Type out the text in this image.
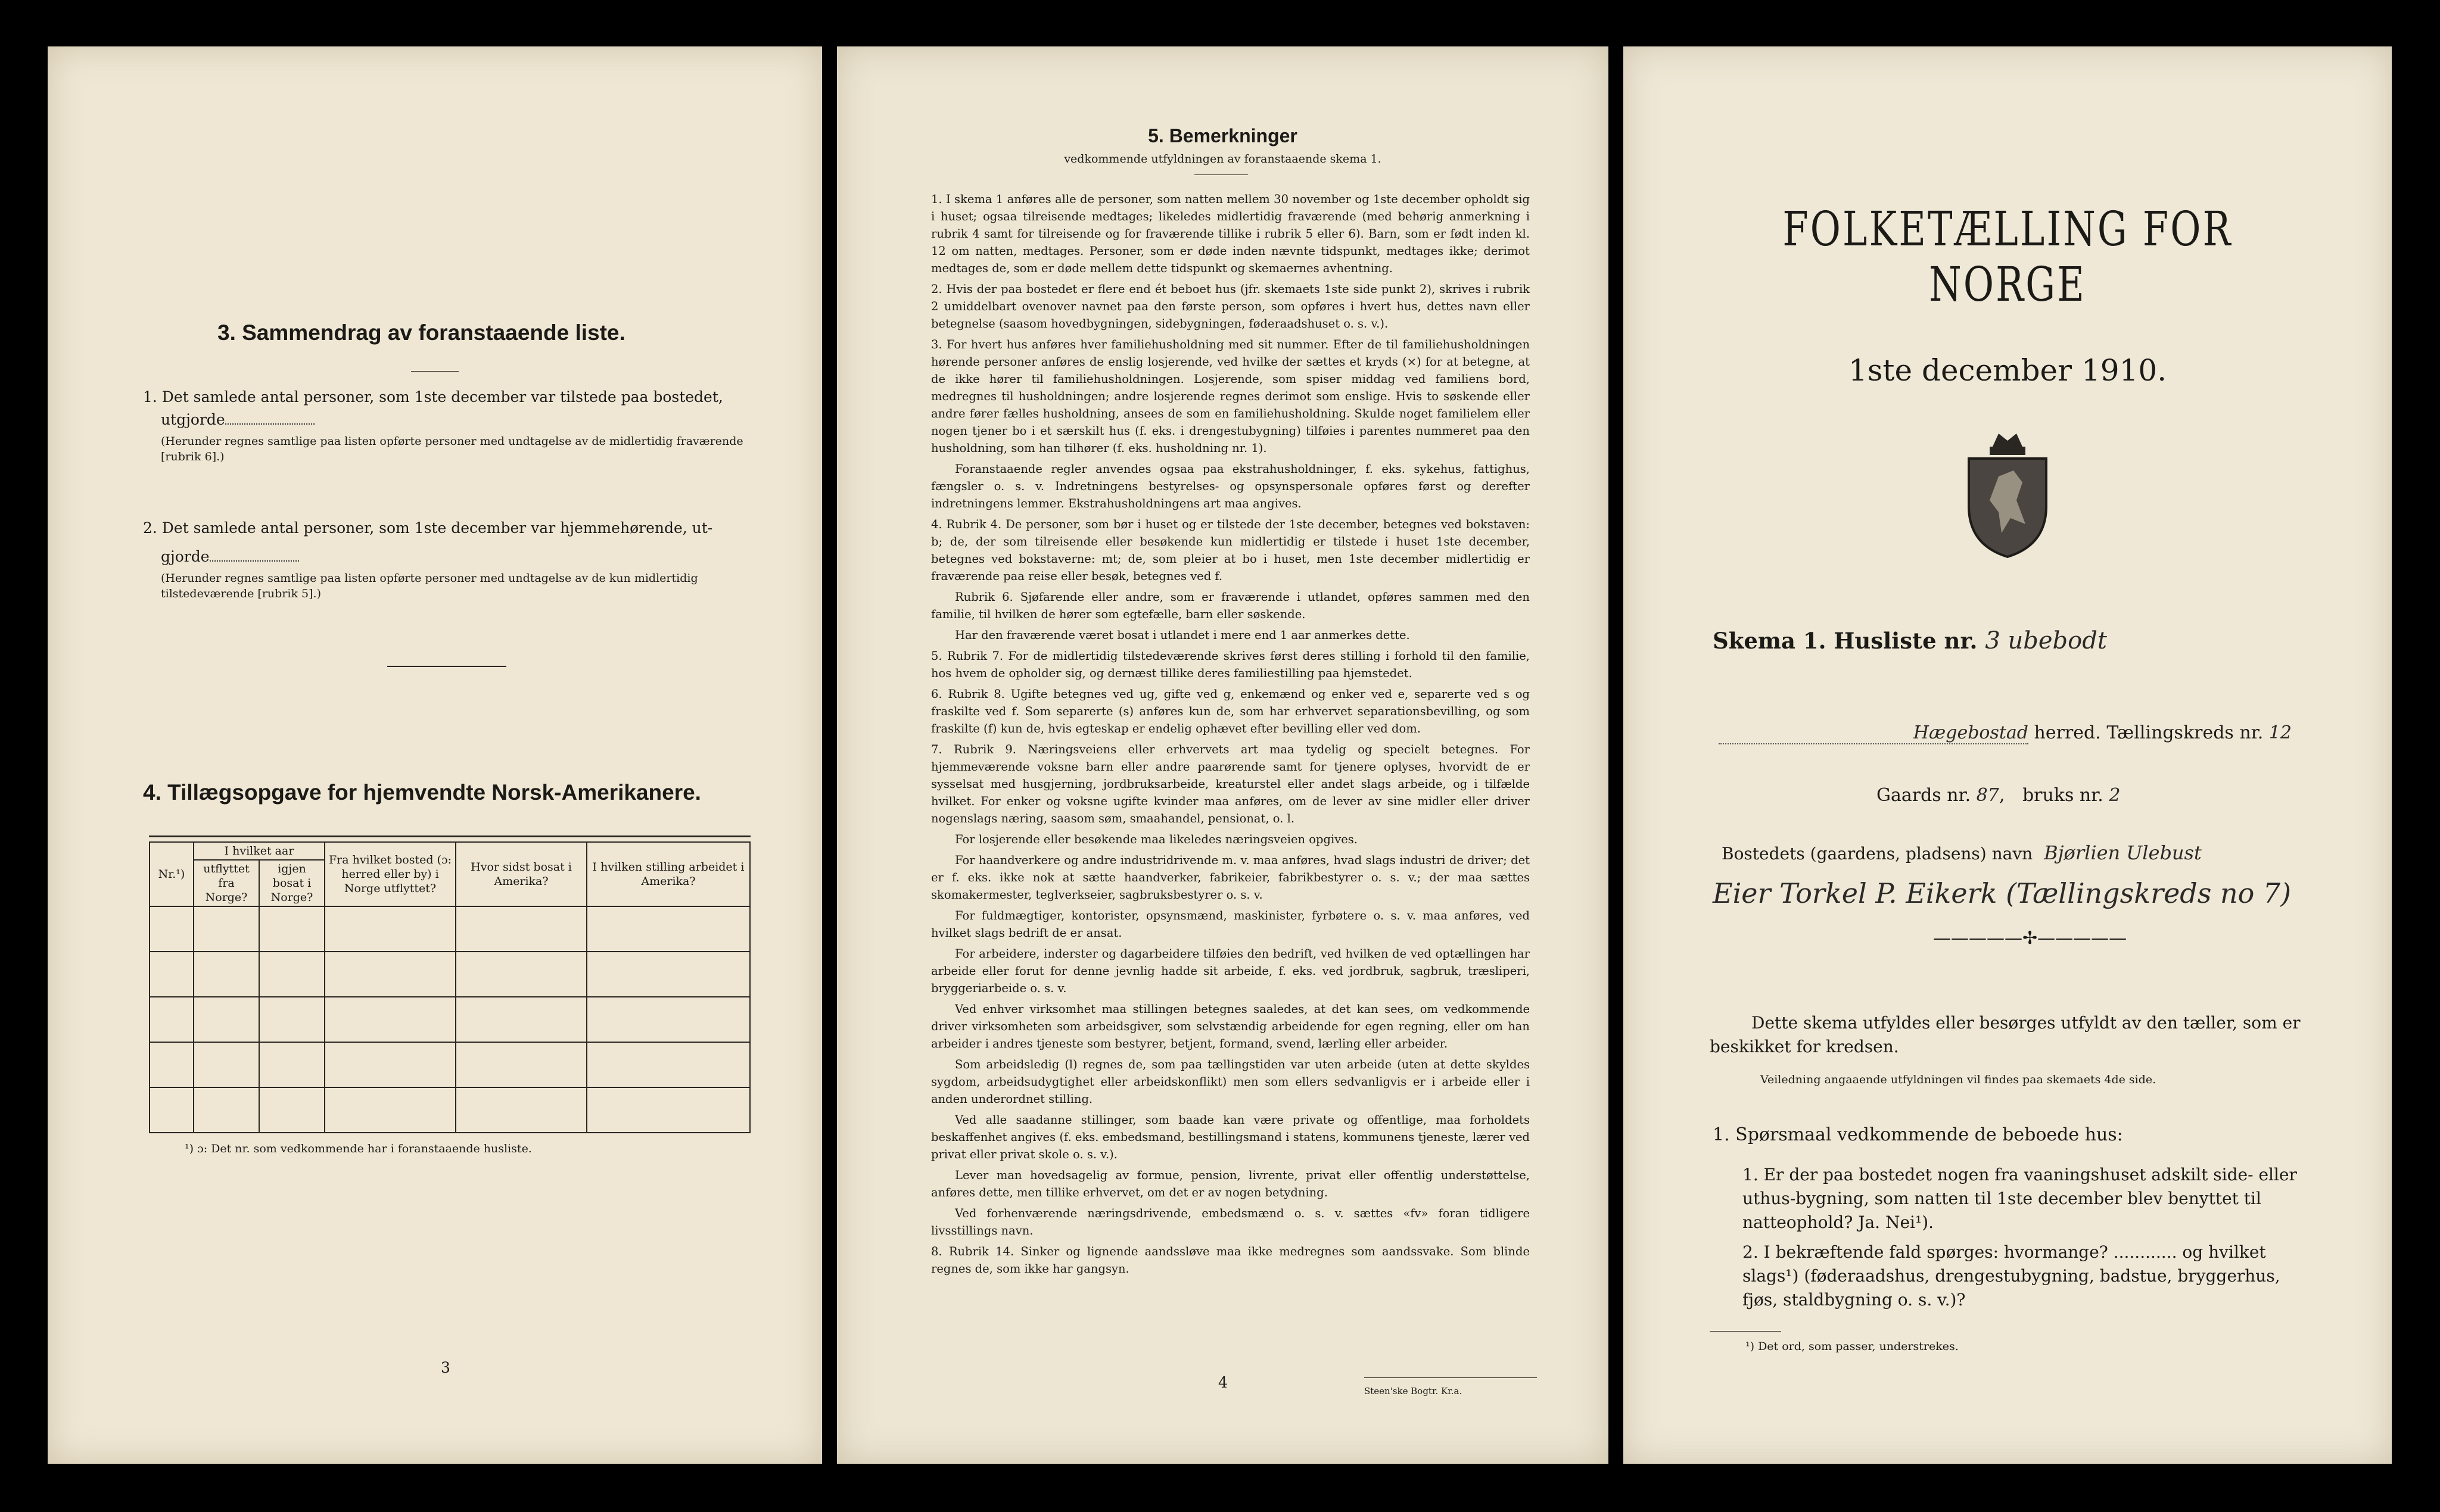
3. Sammendrag av foranstaaende liste.
1. Det samlede antal personer, som 1ste december var tilstede paa bostedet,
utgjorde
(Herunder regnes samtlige paa listen opførte personer med undtagelse av de midlertidig fraværende [rubrik 6].)
2. Det samlede antal personer, som 1ste december var hjemmehørende, ut-
gjorde
(Herunder regnes samtlige paa listen opførte personer med undtagelse av de kun midlertidig tilstedeværende [rubrik 5].)
4. Tillægsopgave for hjemvendte Norsk-Amerikanere.
Nr.¹)	I hvilket aar		Fra hvilket bosted (ɔ: herred eller by) i Norge utflyttet?	Hvor sidst bosat i Amerika?	I hvilken stilling arbeidet i Amerika?
	utflyttet fra Norge?	igjen bosat i Norge?			

¹) ɔ: Det nr. som vedkommende har i foranstaaende husliste.
3
5. Bemerkninger
vedkommende utfyldningen av foranstaaende skema 1.

1. I skema 1 anføres alle de personer, som natten mellem 30 november og 1ste december opholdt sig i huset; ogsaa tilreisende medtages; likeledes midlertidig fraværende (med behørig anmerkning i rubrik 4 samt for tilreisende og for fraværende tillike i rubrik 5 eller 6). Barn, som er født inden kl. 12 om natten, medtages. Personer, som er døde inden nævnte tidspunkt, medtages ikke; derimot medtages de, som er døde mellem dette tidspunkt og skemaernes avhentning.

2. Hvis der paa bostedet er flere end ét beboet hus (jfr. skemaets 1ste side punkt 2), skrives i rubrik 2 umiddelbart ovenover navnet paa den første person, som opføres i hvert hus, dettes navn eller betegnelse (saasom hovedbygningen, sidebygningen, føderaadshuset o. s. v.).

3. For hvert hus anføres hver familiehusholdning med sit nummer. Efter de til familiehusholdningen hørende personer anføres de enslig losjerende, ved hvilke der sættes et kryds (×) for at betegne, at de ikke hører til familiehusholdningen. Losjerende, som spiser middag ved familiens bord, medregnes til husholdningen; andre losjerende regnes derimot som enslige. Hvis to søskende eller andre fører fælles husholdning, ansees de som en familiehusholdning. Skulde noget familielem eller nogen tjener bo i et særskilt hus (f. eks. i drengestubygning) tilføies i parentes nummeret paa den husholdning, som han tilhører (f. eks. husholdning nr. 1).

Foranstaaende regler anvendes ogsaa paa ekstrahusholdninger, f. eks. sykehus, fattighus, fængsler o. s. v. Indretningens bestyrelses- og opsynspersonale opføres først og derefter indretningens lemmer. Ekstrahusholdningens art maa angives.

4. Rubrik 4. De personer, som bør i huset og er tilstede der 1ste december, betegnes ved bokstaven: b; de, der som tilreisende eller besøkende kun midlertidig er tilstede i huset 1ste december, betegnes ved bokstaverne: mt; de, som pleier at bo i huset, men 1ste december midlertidig er fraværende paa reise eller besøk, betegnes ved f.

Rubrik 6. Sjøfarende eller andre, som er fraværende i utlandet, opføres sammen med den familie, til hvilken de hører som egtefælle, barn eller søskende.

Har den fraværende været bosat i utlandet i mere end 1 aar anmerkes dette.

5. Rubrik 7. For de midlertidig tilstedeværende skrives først deres stilling i forhold til den familie, hos hvem de opholder sig, og dernæst tillike deres familiestilling paa hjemstedet.

6. Rubrik 8. Ugifte betegnes ved ug, gifte ved g, enkemænd og enker ved e, separerte ved s og fraskilte ved f. Som separerte (s) anføres kun de, som har erhvervet separationsbevilling, og som fraskilte (f) kun de, hvis egteskap er endelig ophævet efter bevilling eller ved dom.

7. Rubrik 9. Næringsveiens eller erhvervets art maa tydelig og specielt betegnes. For hjemmeværende voksne barn eller andre paarørende samt for tjenere oplyses, hvorvidt de er sysselsat med husgjerning, jordbruksarbeide, kreaturstel eller andet slags arbeide, og i tilfælde hvilket. For enker og voksne ugifte kvinder maa anføres, om de lever av sine midler eller driver nogenslags næring, saasom søm, smaahandel, pensionat, o. l.

For losjerende eller besøkende maa likeledes næringsveien opgives.

For haandverkere og andre industridrivende m. v. maa anføres, hvad slags industri de driver; det er f. eks. ikke nok at sætte haandverker, fabrikeier, fabrikbestyrer o. s. v.; der maa sættes skomakermester, teglverkseier, sagbruksbestyrer o. s. v.

For fuldmægtiger, kontorister, opsynsmænd, maskinister, fyrbøtere o. s. v. maa anføres, ved hvilket slags bedrift de er ansat.

For arbeidere, inderster og dagarbeidere tilføies den bedrift, ved hvilken de ved optællingen har arbeide eller forut for denne jevnlig hadde sit arbeide, f. eks. ved jordbruk, sagbruk, træsliperi, bryggeriarbeide o. s. v.

Ved enhver virksomhet maa stillingen betegnes saaledes, at det kan sees, om vedkommende driver virksomheten som arbeidsgiver, som selvstændig arbeidende for egen regning, eller om han arbeider i andres tjeneste som bestyrer, betjent, formand, svend, lærling eller arbeider.

Som arbeidsledig (l) regnes de, som paa tællingstiden var uten arbeide (uten at dette skyldes sygdom, arbeidsudygtighet eller arbeidskonflikt) men som ellers sedvanligvis er i arbeide eller i anden underordnet stilling.

Ved alle saadanne stillinger, som baade kan være private og offentlige, maa forholdets beskaffenhet angives (f. eks. embedsmand, bestillingsmand i statens, kommunens tjeneste, lærer ved privat eller privat skole o. s. v.).

Lever man hovedsagelig av formue, pension, livrente, privat eller offentlig understøttelse, anføres dette, men tillike erhvervet, om det er av nogen betydning.

Ved forhenværende næringsdrivende, embedsmænd o. s. v. sættes «fv» foran tidligere livsstillings navn.

8. Rubrik 14. Sinker og lignende aandssløve maa ikke medregnes som aandssvake. Som blinde regnes de, som ikke har gangsyn.

4	Steen'ske Bogtr. Kr.a.
FOLKETÆLLING FOR NORGE
1ste december 1910.
Skema 1. Husliste nr. 3 ubebodt
Hægebostad herred. Tællingskreds nr. 12
Gaards nr. 87, bruks nr. 2
Bostedets (gaardens, pladsens) navn Bjørlien Ulebust
Eier Torkel P. Eikerk (Tællingskreds no 7)
—————✢—————
Dette skema utfyldes eller besørges utfyldt av den tæller, som er beskikket for kredsen.
Veiledning angaaende utfyldningen vil findes paa skemaets 4de side.
1. Spørsmaal vedkommende de beboede hus:
1. Er der paa bostedet nogen fra vaaningshuset adskilt side- eller uthus-bygning, som natten til 1ste december blev benyttet til natteophold? Ja. Nei¹).
2. I bekræftende fald spørges: hvormange? ............ og hvilket slags¹) (føderaadshus, drengestubygning, badstue, bryggerhus, fjøs, staldbygning o. s. v.)?
¹) Det ord, som passer, understrekes.
